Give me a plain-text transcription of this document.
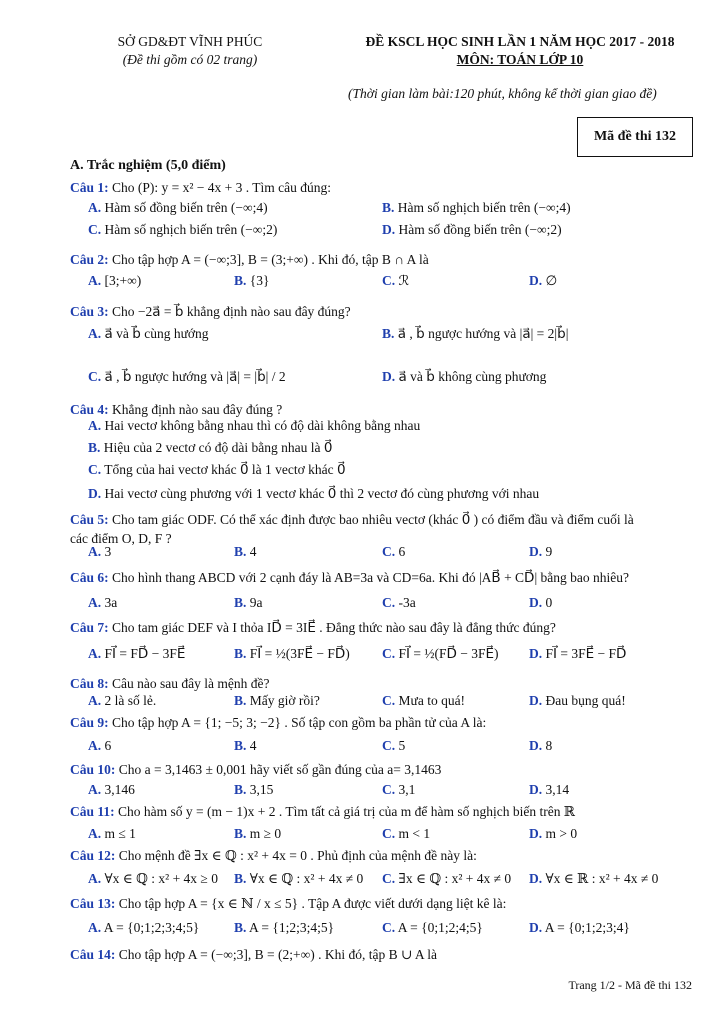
SỞ GD&ĐT VĨNH PHÚC
(Đề thi gồm có 02 trang)
ĐỀ KSCL HỌC SINH LẦN 1 NĂM HỌC 2017 - 2018
MÔN: TOÁN LỚP 10
(Thời gian làm bài:120 phút, không kể thời gian giao đề)
Mã đề thi 132
A. Trắc nghiệm (5,0 điểm)
Câu 1: Cho (P): y = x² − 4x + 3 . Tìm câu đúng:
A. Hàm số đồng biến trên (−∞;4)	B. Hàm số nghịch biến trên (−∞;4)
C. Hàm số nghịch biến trên (−∞;2)	D. Hàm số đồng biến trên (−∞;2)
Câu 2: Cho tập hợp A = (−∞;3], B = (3;+∞) . Khi đó, tập B ∩ A là
A. [3;+∞)	B. {3}	C. ℛ	D. ∅
Câu 3: Cho −2a⃗ = b⃗ khẳng định nào sau đây đúng?
A. a⃗ và b⃗ cùng hướng	B. a⃗ , b⃗ ngược hướng và |a⃗| = 2|b⃗|
C. a⃗ , b⃗ ngược hướng và |a⃗| = |b⃗| / 2	D. a⃗ và b⃗ không cùng phương
Câu 4: Khẳng định nào sau đây đúng ?
A. Hai vectơ không bằng nhau thì có độ dài không bằng nhau
B. Hiệu của 2 vectơ có độ dài bằng nhau là 0⃗
C. Tổng của hai vectơ khác 0⃗ là 1 vectơ khác 0⃗
D. Hai vectơ cùng phương với 1 vectơ khác 0⃗ thì 2 vectơ đó cùng phương với nhau
Câu 5: Cho tam giác ODF. Có thể xác định được bao nhiêu vectơ (khác 0⃗ ) có điểm đầu và điểm cuối là
các điểm O, D, F ?
A. 3	B. 4	C. 6	D. 9
Câu 6: Cho hình thang ABCD với 2 cạnh đáy là AB=3a và CD=6a. Khi đó |AB⃗ + CD⃗| bằng bao nhiêu?
A. 3a	B. 9a	C. -3a	D. 0
Câu 7: Cho tam giác DEF và I thỏa ID⃗ = 3IE⃗ . Đẳng thức nào sau đây là đẳng thức đúng?
A. FI⃗ = FD⃗ − 3FE⃗	B. FI⃗ = ½(3FE⃗ − FD⃗) C. FI⃗ = ½(FD⃗ − 3FE⃗) D. FI⃗ = 3FE⃗ − FD⃗
Câu 8: Câu nào sau đây là mệnh đề?
A. 2 là số lẻ.	B. Mấy giờ rồi?	C. Mưa to quá!	D. Đau bụng quá!
Câu 9: Cho tập hợp A = {1; −5; 3; −2} . Số tập con gồm ba phần tử của A là:
A. 6	B. 4	C. 5	D. 8
Câu 10: Cho a = 3,1463 ± 0,001 hãy viết số gần đúng của a= 3,1463
A. 3,146	B. 3,15	C. 3,1	D. 3,14
Câu 11: Cho hàm số y = (m − 1)x + 2 . Tìm tất cả giá trị của m để hàm số nghịch biến trên ℝ
A. m ≤ 1	B. m ≥ 0	C. m < 1	D. m > 0
Câu 12: Cho mệnh đề ∃x ∈ ℚ : x² + 4x = 0 . Phủ định của mệnh đề này là:
A. ∀x ∈ ℚ : x² + 4x ≥ 0 B. ∀x ∈ ℚ : x² + 4x ≠ 0 C. ∃x ∈ ℚ : x² + 4x ≠ 0 D. ∀x ∈ ℝ : x² + 4x ≠ 0
Câu 13: Cho tập hợp A = {x ∈ ℕ / x ≤ 5} . Tập A được viết dưới dạng liệt kê là:
A. A = {0;1;2;3;4;5}	B. A = {1;2;3;4;5}	C. A = {0;1;2;4;5}	D. A = {0;1;2;3;4}
Câu 14: Cho tập hợp A = (−∞;3], B = (2;+∞) . Khi đó, tập B ∪ A là
Trang 1/2 - Mã đề thi 132
